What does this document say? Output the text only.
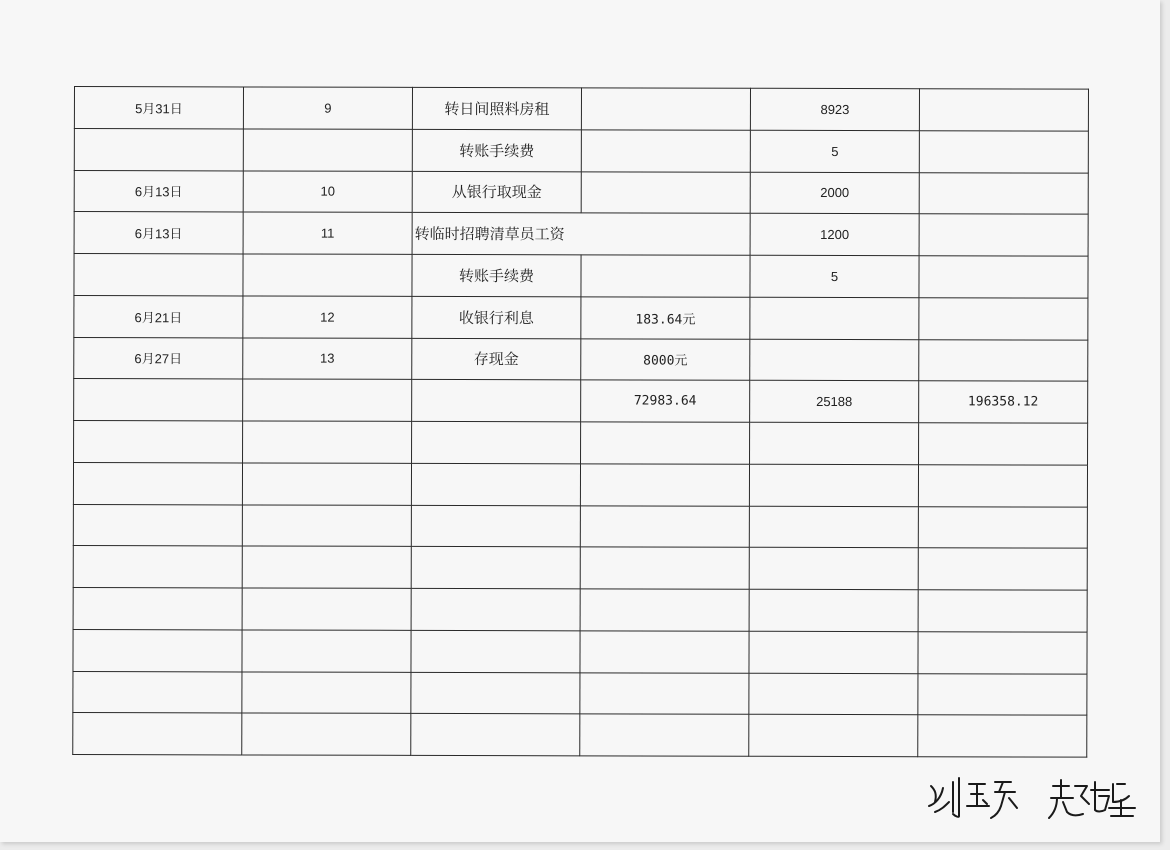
5月31日	9	转日间照料房租		8923	
		转账手续费		5	
6月13日	10	从银行取现金		2000	
6月13日	11	转临时招聘清草员工资		1200	
		转账手续费		5	
6月21日	12	收银行利息	183.64元		
6月27日	13	存现金	8000元		
			72983.64	25188	196358.12
